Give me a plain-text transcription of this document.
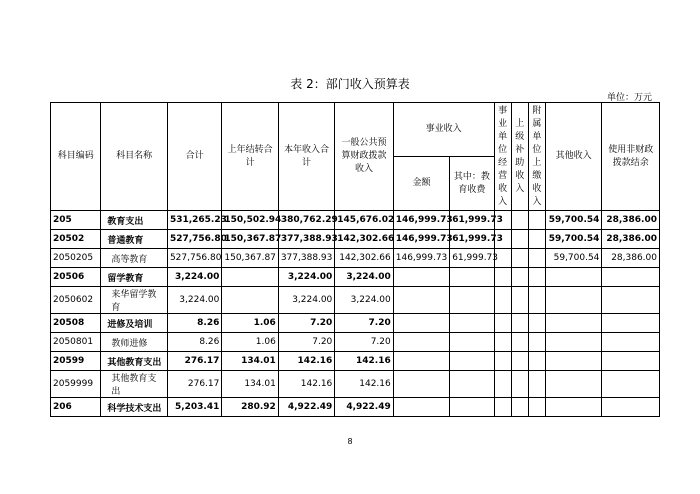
表 2：部门收入预算表
单位：万元
科目编码	科目名称	合计	上年结转合计	本年收入合计	一般公共预算财政拨款收入	事业收入		事业单位经营收入	上级补助收入	附属单位上缴收入	其他收入	使用非财政拨款结余
						金额	其中：教育收费					
205	教育支出	531,265.23	150,502.94	380,762.29	145,676.02	146,999.73	61,999.73				59,700.54	28,386.00
20502	普通教育	527,756.80	150,367.87	377,388.93	142,302.66	146,999.73	61,999.73				59,700.54	28,386.00
2050205	高等教育	527,756.80	150,367.87	377,388.93	142,302.66	146,999.73	61,999.73				59,700.54	28,386.00
20506	留学教育	3,224.00		3,224.00	3,224.00							
2050602	来华留学教育	3,224.00		3,224.00	3,224.00							
20508	进修及培训	8.26	1.06	7.20	7.20							
2050801	教师进修	8.26	1.06	7.20	7.20							
20599	其他教育支出	276.17	134.01	142.16	142.16							
2059999	其他教育支出	276.17	134.01	142.16	142.16							
206	科学技术支出	5,203.41	280.92	4,922.49	4,922.49							
8
